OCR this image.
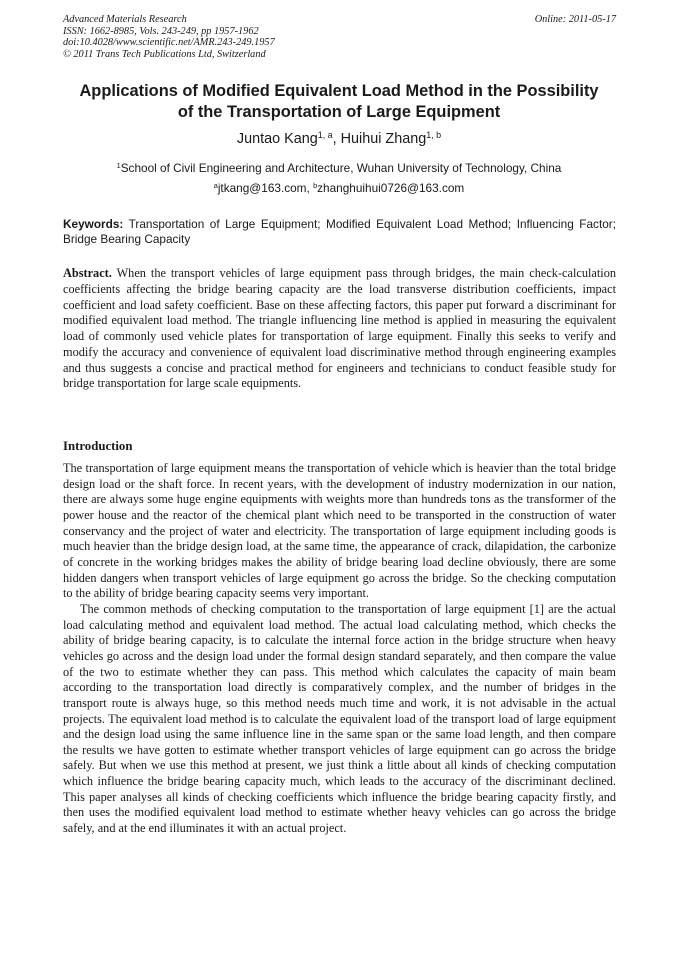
Advanced Materials Research
ISSN: 1662-8985, Vols. 243-249, pp 1957-1962
doi:10.4028/www.scientific.net/AMR.243-249.1957
© 2011 Trans Tech Publications Ltd, Switzerland
Online: 2011-05-17
Applications of Modified Equivalent Load Method in the Possibility
of the Transportation of Large Equipment
Juntao Kang$^{1, a}$, Huihui Zhang$^{1, b}$
$^1$School of Civil Engineering and Architecture, Wuhan University of Technology, China
$^a$jtkang@163.com, $^b$zhanghuihui0726@163.com
Keywords: Transportation of Large Equipment; Modified Equivalent Load Method; Influencing Factor; Bridge Bearing Capacity
Abstract. When the transport vehicles of large equipment pass through bridges, the main check-calculation coefficients affecting the bridge bearing capacity are the load transverse distribution coefficients, impact coefficient and load safety coefficient. Base on these affecting factors, this paper put forward a discriminant for modified equivalent load method. The triangle influencing line method is applied in measuring the equivalent load of commonly used vehicle plates for transportation of large equipment. Finally this seeks to verify and modify the accuracy and convenience of equivalent load discriminative method through engineering examples and thus suggests a concise and practical method for engineers and technicians to conduct feasible study for bridge transportation for large scale equipments.
Introduction

The transportation of large equipment means the transportation of vehicle which is heavier than the total bridge design load or the shaft force. In recent years, with the development of industry modernization in our nation, there are always some huge engine equipments with weights more than hundreds tons as the transformer of the power house and the reactor of the chemical plant which need to be transported in the construction of water conservancy and the project of water and electricity. The transportation of large equipment including goods is much heavier than the bridge design load, at the same time, the appearance of crack, dilapidation, the carbonize of concrete in the working bridges makes the ability of bridge bearing load decline obviously, there are some hidden dangers when transport vehicles of large equipment go across the bridge. So the checking computation to the ability of bridge bearing capacity seems very important.

The common methods of checking computation to the transportation of large equipment [1] are the actual load calculating method and equivalent load method. The actual load calculating method, which checks the ability of bridge bearing capacity, is to calculate the internal force action in the bridge structure when heavy vehicles go across and the design load under the formal design standard separately, and then compare the value of the two to estimate whether they can pass. This method which calculates the capacity of main beam according to the transportation load directly is comparatively complex, and the number of bridges in the transport route is always huge, so this method needs much time and work, it is not advisable in the actual projects. The equivalent load method is to calculate the equivalent load of the transport load of large equipment and the design load using the same influence line in the same span or the same load length, and then compare the results we have gotten to estimate whether transport vehicles of large equipment can go across the bridge safely. But when we use this method at present, we just think a little about all kinds of checking computation which influence the bridge bearing capacity much, which leads to the accuracy of the discriminant declined. This paper analyses all kinds of checking coefficients which influence the bridge bearing capacity firstly, and then uses the modified equivalent load method to estimate whether heavy vehicles can go across the bridge safely, and at the end illuminates it with an actual project.
